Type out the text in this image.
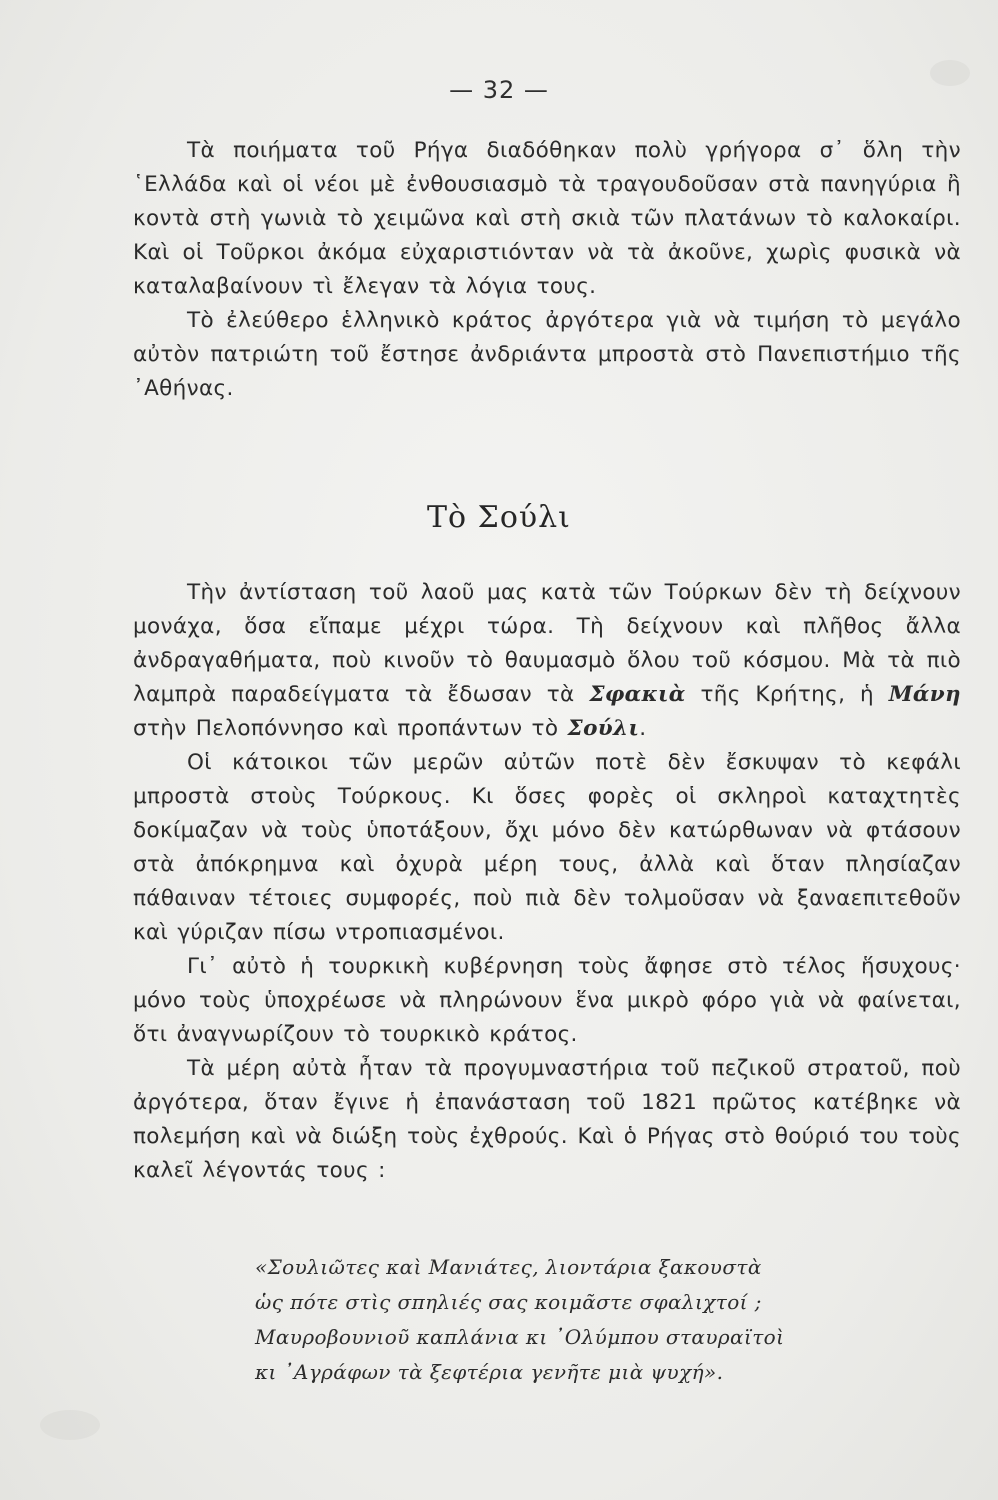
— 32 —

Τὰ ποιήματα τοῦ Ρήγα διαδόθηκαν πολὺ γρήγορα σ᾽ ὅλη τὴν ῾Ελλάδα καὶ οἱ νέοι μὲ ἐνθουσιασμὸ τὰ τραγουδοῦσαν στὰ πανηγύρια ἢ κοντὰ στὴ γωνιὰ τὸ χειμῶνα καὶ στὴ σκιὰ τῶν πλατάνων τὸ καλοκαίρι. Καὶ οἱ Τοῦρκοι ἀκόμα εὐχαριστιόνταν νὰ τὰ ἀκοῦνε, χωρὶς φυσικὰ νὰ καταλαβαίνουν τὶ ἔλεγαν τὰ λόγια τους.

Τὸ ἐλεύθερο ἑλληνικὸ κράτος ἀργότερα γιὰ νὰ τιμήση τὸ μεγάλο αὐτὸν πατριώτη τοῦ ἔστησε ἀνδριάντα μπροστὰ στὸ Πανεπιστήμιο τῆς ᾽Αθήνας.

Τὸ Σούλι

Τὴν ἀντίσταση τοῦ λαοῦ μας κατὰ τῶν Τούρκων δὲν τὴ δείχνουν μονάχα, ὅσα εἴπαμε μέχρι τώρα. Τὴ δείχνουν καὶ πλῆθος ἄλλα ἀνδραγαθήματα, ποὺ κινοῦν τὸ θαυμασμὸ ὅλου τοῦ κόσμου. Μὰ τὰ πιὸ λαμπρὰ παραδείγματα τὰ ἔδωσαν τὰ Σφακιὰ τῆς Κρήτης, ἡ Μάνη στὴν Πελοπόννησο καὶ προπάντων τὸ Σούλι.

Οἱ κάτοικοι τῶν μερῶν αὐτῶν ποτὲ δὲν ἔσκυψαν τὸ κεφάλι μπροστὰ στοὺς Τούρκους. Κι ὅσες φορὲς οἱ σκληροὶ καταχτητὲς δοκίμαζαν νὰ τοὺς ὑποτάξουν, ὄχι μόνο δὲν κατώρθωναν νὰ φτάσουν στὰ ἀπόκρημνα καὶ ὀχυρὰ μέρη τους, ἀλλὰ καὶ ὅταν πλησίαζαν πάθαιναν τέτοιες συμφορές, ποὺ πιὰ δὲν τολμοῦσαν νὰ ξαναεπιτεθοῦν καὶ γύριζαν πίσω ντροπιασμένοι.

Γι᾽ αὐτὸ ἡ τουρκικὴ κυβέρνηση τοὺς ἄφησε στὸ τέλος ἥσυχους· μόνο τοὺς ὑποχρέωσε νὰ πληρώνουν ἕνα μικρὸ φόρο γιὰ νὰ φαίνεται, ὅτι ἀναγνωρίζουν τὸ τουρκικὸ κράτος.

Τὰ μέρη αὐτὰ ἦταν τὰ προγυμναστήρια τοῦ πεζικοῦ στρατοῦ, ποὺ ἀργότερα, ὅταν ἔγινε ἡ ἐπανάσταση τοῦ 1821 πρῶτος κατέβηκε νὰ πολεμήση καὶ νὰ διώξη τοὺς ἐχθρούς. Καὶ ὁ Ρήγας στὸ θούριό του τοὺς καλεῖ λέγοντάς τους :

«Σουλιῶτες καὶ Μανιάτες, λιοντάρια ξακουστὰ
ὡς πότε στὶς σπηλιές σας κοιμᾶστε σφαλιχτοί ;
Μαυροβουνιοῦ καπλάνια κι ᾽Ολύμπου σταυραϊτοὶ
κι ᾽Αγράφων τὰ ξεφτέρια γενῆτε μιὰ ψυχή».
